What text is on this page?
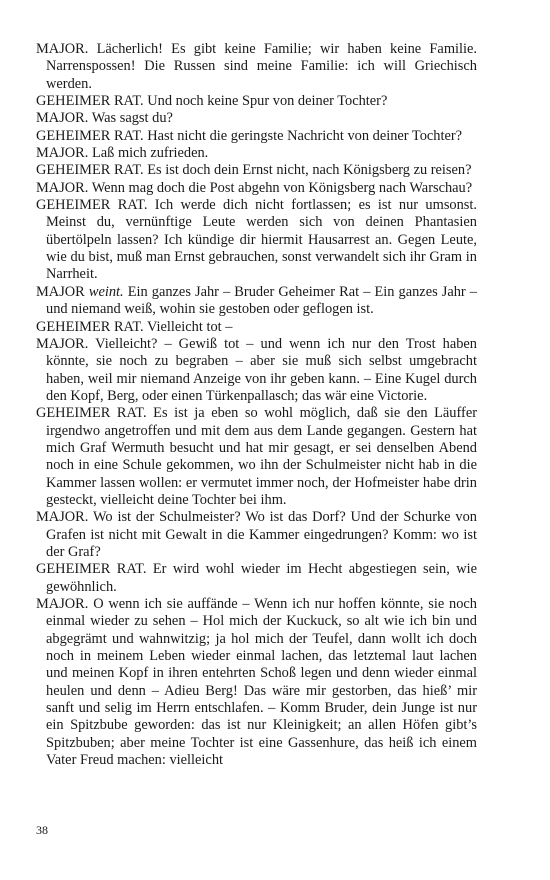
MAJOR. Lächerlich! Es gibt keine Familie; wir haben keine Familie. Narrenspossen! Die Russen sind meine Familie: ich will Griechisch werden.

GEHEIMER RAT. Und noch keine Spur von deiner Tochter?

MAJOR. Was sagst du?

GEHEIMER RAT. Hast nicht die geringste Nachricht von deiner Tochter?

MAJOR. Laß mich zufrieden.

GEHEIMER RAT. Es ist doch dein Ernst nicht, nach Königsberg zu reisen?

MAJOR. Wenn mag doch die Post abgehn von Königsberg nach Warschau?

GEHEIMER RAT. Ich werde dich nicht fortlassen; es ist nur umsonst. Meinst du, vernünftige Leute werden sich von deinen Phantasien übertölpeln lassen? Ich kündige dir hiermit Hausarrest an. Gegen Leute, wie du bist, muß man Ernst gebrauchen, sonst verwandelt sich ihr Gram in Narrheit.

MAJOR weint. Ein ganzes Jahr – Bruder Geheimer Rat – Ein ganzes Jahr – und niemand weiß, wohin sie gestoben oder geflogen ist.

GEHEIMER RAT. Vielleicht tot –

MAJOR. Vielleicht? – Gewiß tot – und wenn ich nur den Trost haben könnte, sie noch zu begraben – aber sie muß sich selbst umgebracht haben, weil mir niemand Anzeige von ihr geben kann. – Eine Kugel durch den Kopf, Berg, oder einen Türkenpallasch; das wär eine Victorie.

GEHEIMER RAT. Es ist ja eben so wohl möglich, daß sie den Läuffer irgendwo angetroffen und mit dem aus dem Lande gegangen. Gestern hat mich Graf Wermuth besucht und hat mir gesagt, er sei denselben Abend noch in eine Schule gekommen, wo ihn der Schulmeister nicht hab in die Kammer lassen wollen: er vermutet immer noch, der Hofmeister habe drin gesteckt, vielleicht deine Tochter bei ihm.

MAJOR. Wo ist der Schulmeister? Wo ist das Dorf? Und der Schurke von Grafen ist nicht mit Gewalt in die Kammer eingedrungen? Komm: wo ist der Graf?

GEHEIMER RAT. Er wird wohl wieder im Hecht abgestiegen sein, wie gewöhnlich.

MAJOR. O wenn ich sie auffände – Wenn ich nur hoffen könnte, sie noch einmal wieder zu sehen – Hol mich der Kuckuck, so alt wie ich bin und abgegrämt und wahnwitzig; ja hol mich der Teufel, dann wollt ich doch noch in meinem Leben wieder einmal lachen, das letztemal laut lachen und meinen Kopf in ihren entehrten Schoß legen und denn wieder einmal heulen und denn – Adieu Berg! Das wäre mir gestorben, das hieß’ mir sanft und selig im Herrn entschlafen. – Komm Bruder, dein Junge ist nur ein Spitzbube geworden: das ist nur Kleinigkeit; an allen Höfen gibt’s Spitzbuben; aber meine Tochter ist eine Gassenhure, das heiß ich einem Vater Freud machen: vielleicht

38
